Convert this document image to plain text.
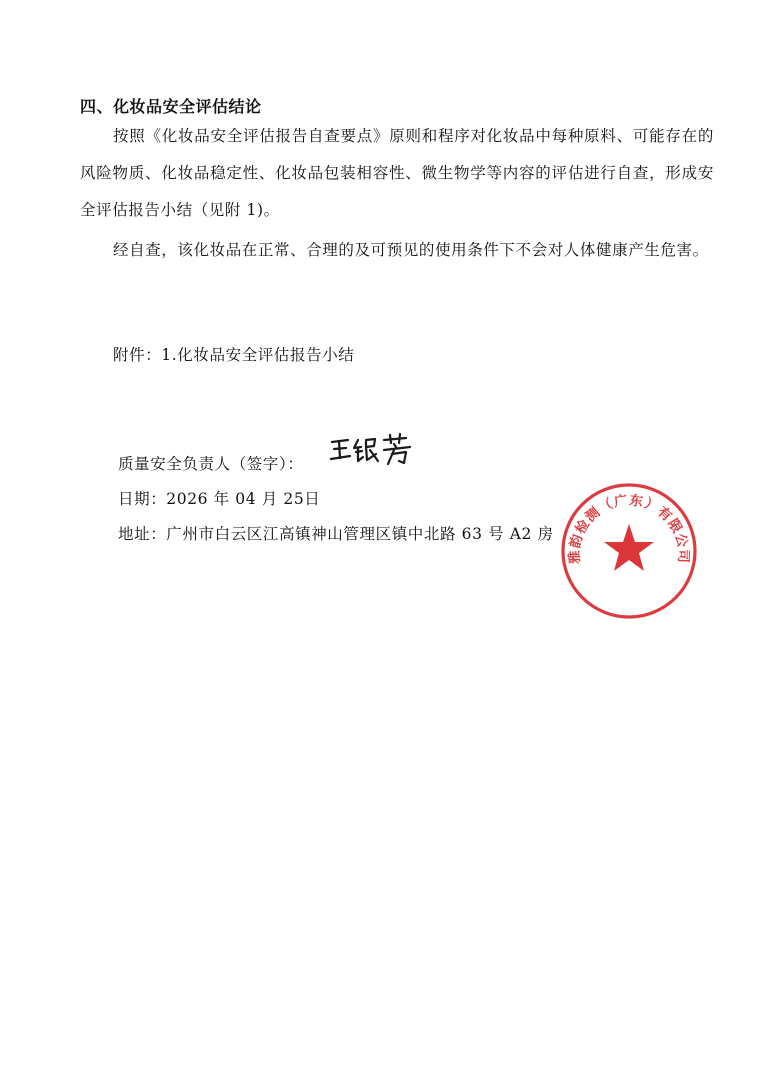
四、化妆品安全评估结论
按照《化妆品安全评估报告自查要点》原则和程序对化妆品中每种原料、可能存在的风险物质、化妆品稳定性、化妆品包装相容性、微生物学等内容的评估进行自查，形成安全评估报告小结（见附 1)。
经自查，该化妆品在正常、合理的及可预见的使用条件下不会对人体健康产生危害。
附件：1.化妆品安全评估报告小结
质量安全负责人（签字）：
日期：2026 年 04 月 25日
地址：广州市白云区江高镇神山管理区镇中北路 63 号 A2 房
雅韵检测（广东）有限公司
